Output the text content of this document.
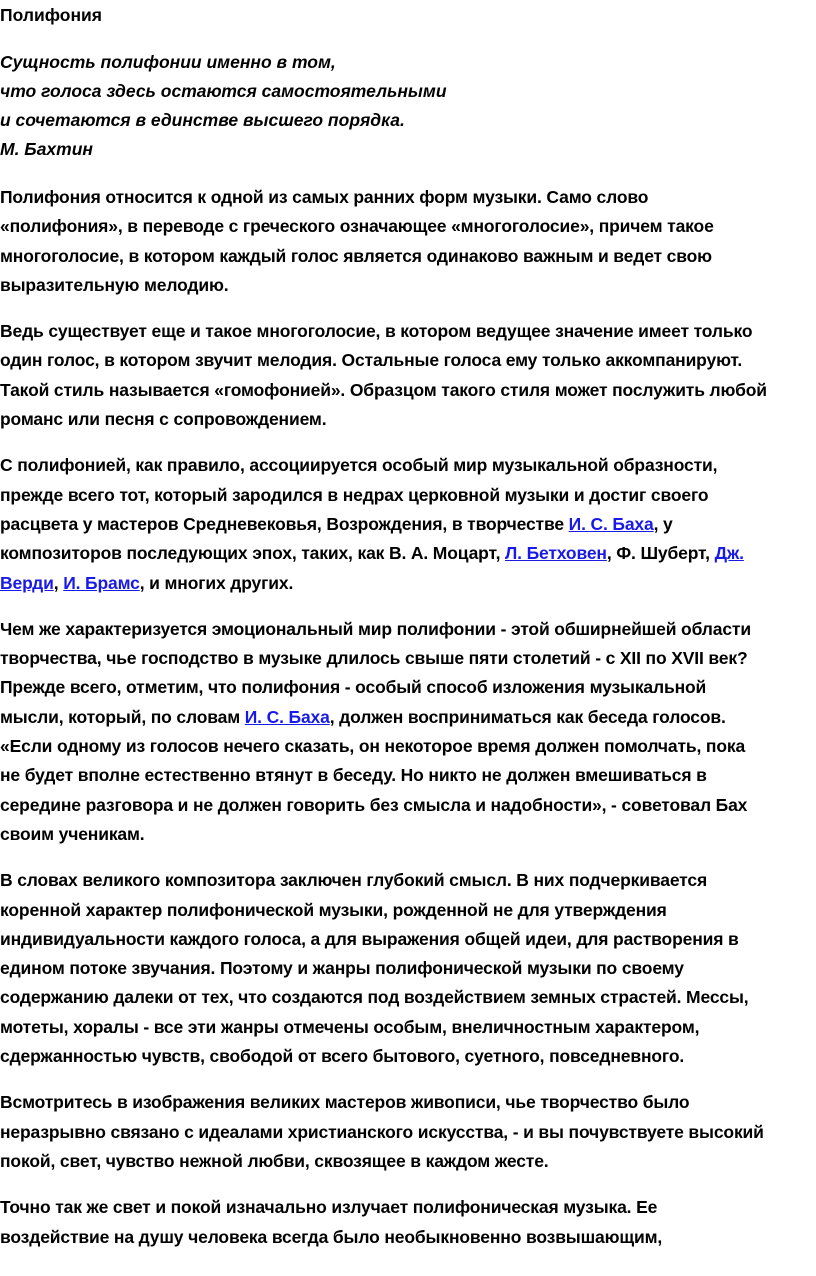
Полифония
Сущность полифонии именно в том,
что голоса здесь остаются самостоятельными
и сочетаются в единстве высшего порядка.
М. Бахтин
Полифония относится к одной из самых ранних форм музыки. Само слово
«полифония», в переводе с греческого означающее «многоголосие», причем такое
многоголосие, в котором каждый голос является одинаково важным и ведет свою
выразительную мелодию.
Ведь существует еще и такое многоголосие, в котором ведущее значение имеет только
один голос, в котором звучит мелодия. Остальные голоса ему только аккомпанируют.
Такой стиль называется «гомофонией». Образцом такого стиля может послужить любой
романс или песня с сопровождением.
С полифонией, как правило, ассоциируется особый мир музыкальной образности,
прежде всего тот, который зародился в недрах церковной музыки и достиг своего
расцвета у мастеров Средневековья, Возрождения, в творчестве И. С. Баха, у
композиторов последующих эпох, таких, как В. А. Моцарт, Л. Бетховен, Ф. Шуберт, Дж.
Верди, И. Брамс, и многих других.
Чем же характеризуется эмоциональный мир полифонии - этой обширнейшей области
творчества, чье господство в музыке длилось свыше пяти столетий - с XII по XVII век?
Прежде всего, отметим, что полифония - особый способ изложения музыкальной
мысли, который, по словам И. С. Баха, должен восприниматься как беседа голосов.
«Если одному из голосов нечего сказать, он некоторое время должен помолчать, пока
не будет вполне естественно втянут в беседу. Но никто не должен вмешиваться в
середине разговора и не должен говорить без смысла и надобности», - советовал Бах
своим ученикам.
В словах великого композитора заключен глубокий смысл. В них подчеркивается
коренной характер полифонической музыки, рожденной не для утверждения
индивидуальности каждого голоса, а для выражения общей идеи, для растворения в
едином потоке звучания. Поэтому и жанры полифонической музыки по своему
содержанию далеки от тех, что создаются под воздействием земных страстей. Мессы,
мотеты, хоралы - все эти жанры отмечены особым, внеличностным характером,
сдержанностью чувств, свободой от всего бытового, суетного, повседневного.
Всмотритесь в изображения великих мастеров живописи, чье творчество было
неразрывно связано с идеалами христианского искусства, - и вы почувствуете высокий
покой, свет, чувство нежной любви, сквозящее в каждом жесте.
Точно так же свет и покой изначально излучает полифоническая музыка. Ее
воздействие на душу человека всегда было необыкновенно возвышающим,
